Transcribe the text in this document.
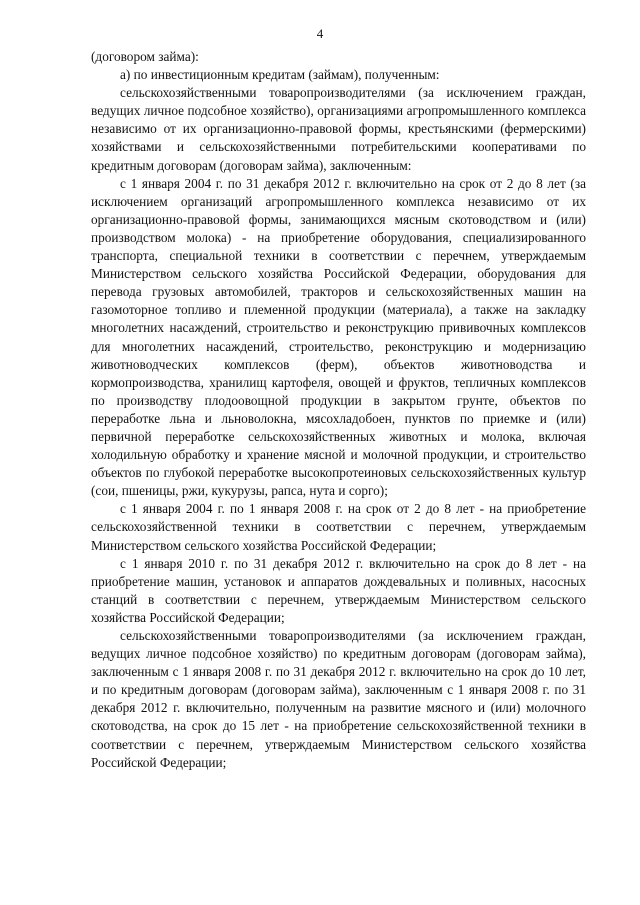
4

(договором займа):

а) по инвестиционным кредитам (займам), полученным:

сельскохозяйственными товаропроизводителями (за исключением граждан, ведущих личное подсобное хозяйство), организациями агропромышленного комплекса независимо от их организационно-правовой формы, крестьянскими (фермерскими) хозяйствами и сельскохозяйственными потребительскими кооперативами по кредитным договорам (договорам займа), заключенным:

с 1 января 2004 г. по 31 декабря 2012 г. включительно на срок от 2 до 8 лет (за исключением организаций агропромышленного комплекса независимо от их организационно-правовой формы, занимающихся мясным скотоводством и (или) производством молока) - на приобретение оборудования, специализированного транспорта, специальной техники в соответствии с перечнем, утверждаемым Министерством сельского хозяйства Российской Федерации, оборудования для перевода грузовых автомобилей, тракторов и сельскохозяйственных машин на газомоторное топливо и племенной продукции (материала), а также на закладку многолетних насаждений, строительство и реконструкцию прививочных комплексов для многолетних насаждений, строительство, реконструкцию и модернизацию животноводческих комплексов (ферм), объектов животноводства и кормопроизводства, хранилищ картофеля, овощей и фруктов, тепличных комплексов по производству плодоовощной продукции в закрытом грунте, объектов по переработке льна и льноволокна, мясохладобоен, пунктов по приемке и (или) первичной переработке сельскохозяйственных животных и молока, включая холодильную обработку и хранение мясной и молочной продукции, и строительство объектов по глубокой переработке высокопротеиновых сельскохозяйственных культур (сои, пшеницы, ржи, кукурузы, рапса, нута и сорго);

с 1 января 2004 г. по 1 января 2008 г. на срок от 2 до 8 лет - на приобретение сельскохозяйственной техники в соответствии с перечнем, утверждаемым Министерством сельского хозяйства Российской Федерации;

с 1 января 2010 г. по 31 декабря 2012 г. включительно на срок до 8 лет - на приобретение машин, установок и аппаратов дождевальных и поливных, насосных станций в соответствии с перечнем, утверждаемым Министерством сельского хозяйства Российской Федерации;

сельскохозяйственными товаропроизводителями (за исключением граждан, ведущих личное подсобное хозяйство) по кредитным договорам (договорам займа), заключенным с 1 января 2008 г. по 31 декабря 2012 г. включительно на срок до 10 лет, и по кредитным договорам (договорам займа), заключенным с 1 января 2008 г. по 31 декабря 2012 г. включительно, полученным на развитие мясного и (или) молочного скотоводства, на срок до 15 лет - на приобретение сельскохозяйственной техники в соответствии с перечнем, утверждаемым Министерством сельского хозяйства Российской Федерации;
